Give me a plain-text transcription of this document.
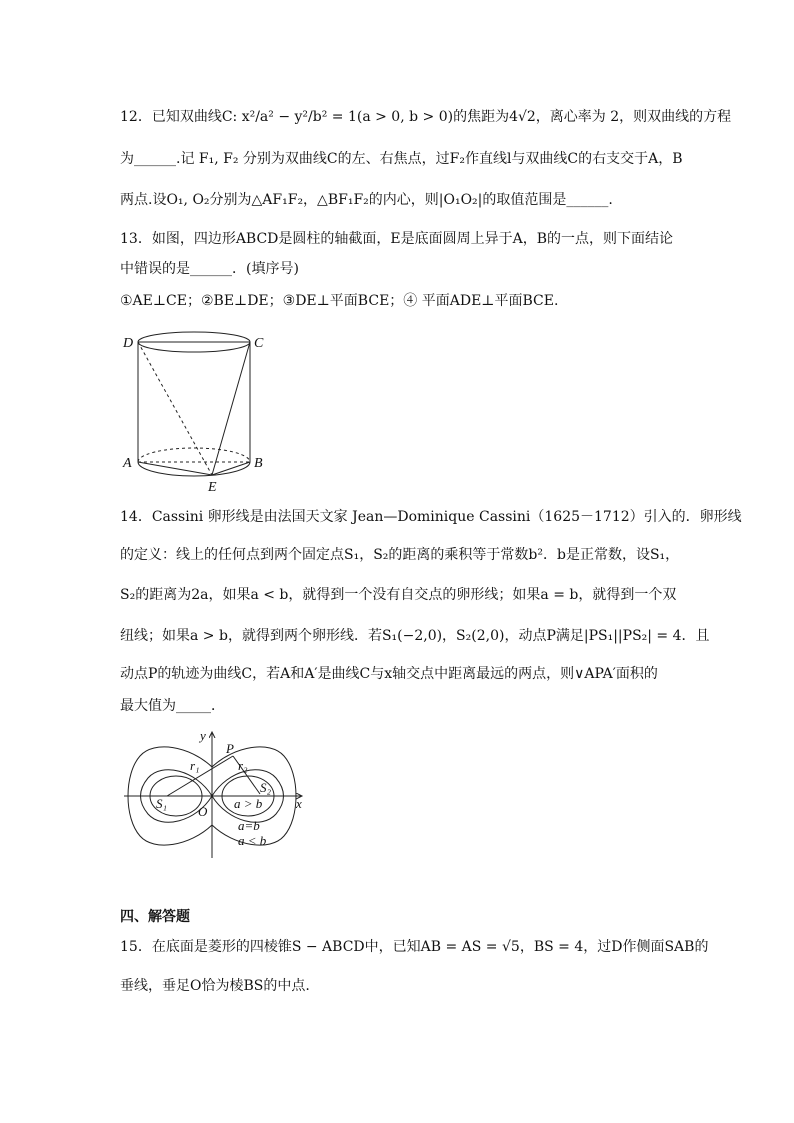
12．已知双曲线C: x²/a² − y²/b² = 1(a > 0, b > 0)的焦距为4√2，离心率为 2，则双曲线的方程
为______.记 F₁, F₂ 分别为双曲线C的左、右焦点，过F₂作直线l与双曲线C的右支交于A，B
两点.设O₁, O₂分别为△AF₁F₂，△BF₁F₂的内心，则|O₁O₂|的取值范围是______.
13．如图，四边形ABCD是圆柱的轴截面，E是底面圆周上异于A，B的一点，则下面结论
中错误的是______．(填序号)
①AE⊥CE；②BE⊥DE；③DE⊥平面BCE；④ 平面ADE⊥平面BCE.
D	C
A	B
E
14．Cassini 卵形线是由法国天文家 Jean—Dominique Cassini（1625－1712）引入的．卵形线
的定义：线上的任何点到两个固定点S₁，S₂的距离的乘积等于常数b²．b是正常数，设S₁，
S₂的距离为2a，如果a < b，就得到一个没有自交点的卵形线；如果a = b，就得到一个双
纽线；如果a > b，就得到两个卵形线．若S₁(−2,0)，S₂(2,0)，动点P满足|PS₁||PS₂| = 4．且
动点P的轨迹为曲线C，若A和A′是曲线C与x轴交点中距离最远的两点，则∨APA′面积的
最大值为_____．
y
x
P
r₁	r₂
S₁
S₂
O
a > b
a=b
a < b
四、解答题
15．在底面是菱形的四棱锥S − ABCD中，已知AB = AS = √5，BS = 4，过D作侧面SAB的
垂线，垂足O恰为棱BS的中点.
